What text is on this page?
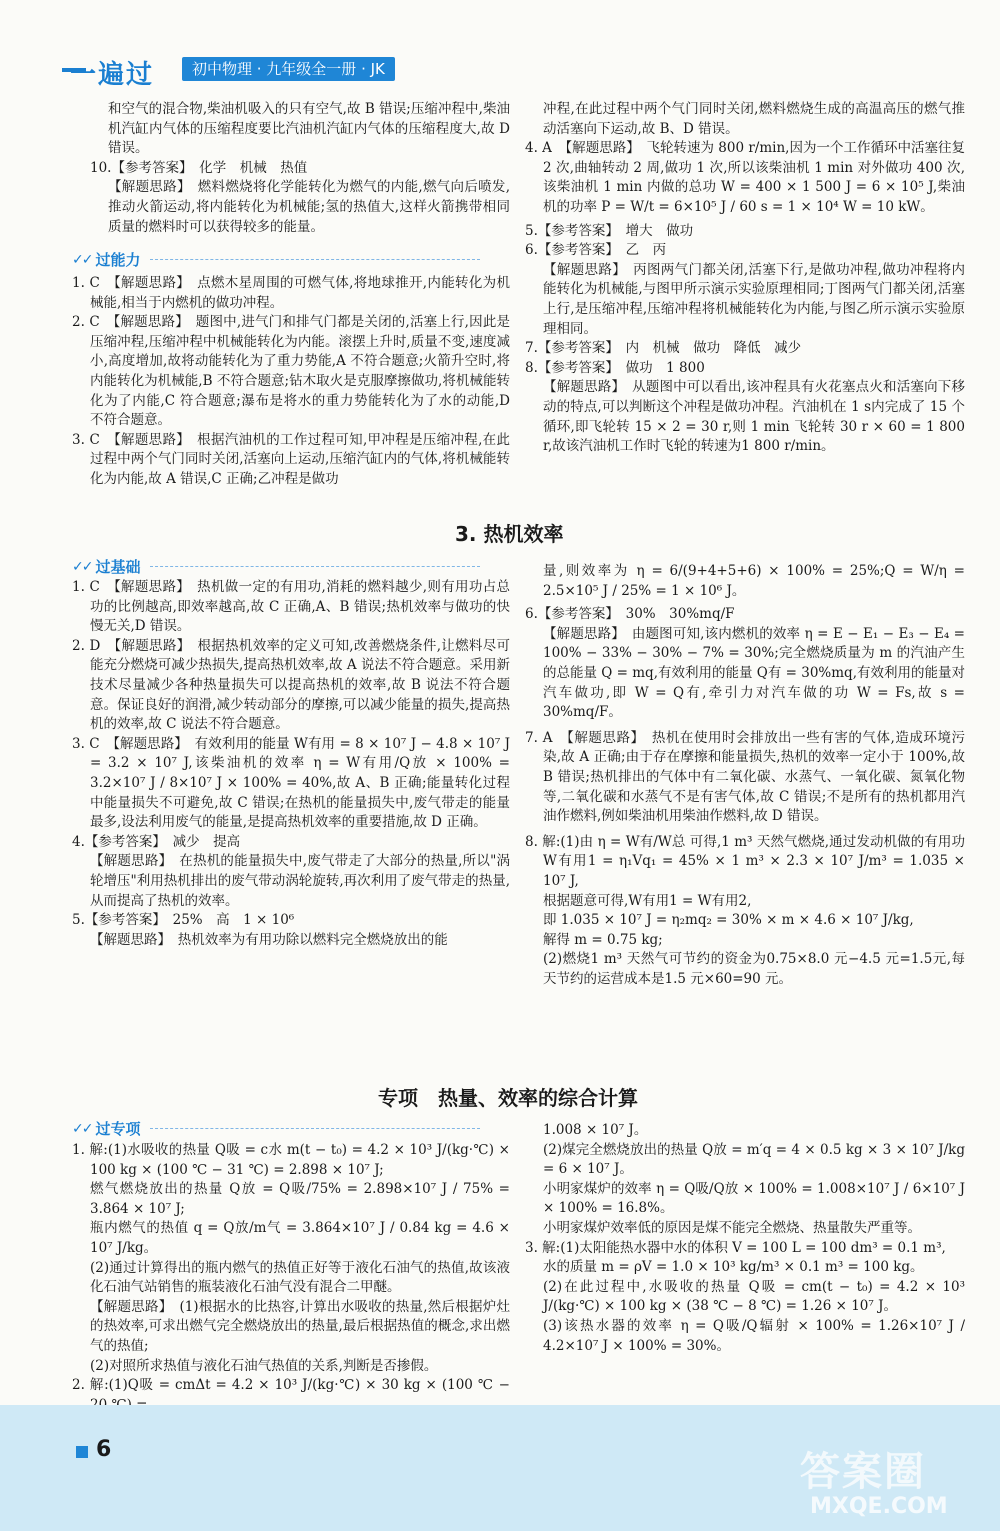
一遍过	初中物理 · 九年级全一册 · JK

和空气的混合物,柴油机吸入的只有空气,故 B 错误;压缩冲程中,柴油机汽缸内气体的压缩程度要比汽油机汽缸内气体的压缩程度大,故 D 错误。

10.【参考答案】　化学　机械　热值

【解题思路】　燃料燃烧将化学能转化为燃气的内能,燃气向后喷发,推动火箭运动,将内能转化为机械能;氢的热值大,这样火箭携带相同质量的燃料时可以获得较多的能量。

✓✓ 过能力

1. C　【解题思路】　点燃木星周围的可燃气体,将地球推开,内能转化为机械能,相当于内燃机的做功冲程。

2. C　【解题思路】　题图中,进气门和排气门都是关闭的,活塞上行,因此是压缩冲程,压缩冲程中机械能转化为内能。滚摆上升时,质量不变,速度减小,高度增加,故将动能转化为了重力势能,A 不符合题意;火箭升空时,将内能转化为机械能,B 不符合题意;钻木取火是克服摩擦做功,将机械能转化为了内能,C 符合题意;瀑布是将水的重力势能转化为了水的动能,D 不符合题意。

3. C　【解题思路】　根据汽油机的工作过程可知,甲冲程是压缩冲程,在此过程中两个气门同时关闭,活塞向上运动,压缩汽缸内的气体,将机械能转化为内能,故 A 错误,C 正确;乙冲程是做功

冲程,在此过程中两个气门同时关闭,燃料燃烧生成的高温高压的燃气推动活塞向下运动,故 B、D 错误。

4. A　【解题思路】　飞轮转速为 800 r/min,因为一个工作循环中活塞往复 2 次,曲轴转动 2 周,做功 1 次,所以该柴油机 1 min 对外做功 400 次,该柴油机 1 min 内做的总功 W = 400 × 1 500 J = 6 × 10⁵ J,柴油机的功率 P = W/t = 6×10⁵ J / 60 s = 1 × 10⁴ W = 10 kW。

5.【参考答案】　增大　做功

6.【参考答案】　乙　丙

【解题思路】　丙图两气门都关闭,活塞下行,是做功冲程,做功冲程将内能转化为机械能,与图甲所示演示实验原理相同;丁图两气门都关闭,活塞上行,是压缩冲程,压缩冲程将机械能转化为内能,与图乙所示演示实验原理相同。

7.【参考答案】　内　机械　做功　降低　减少

8.【参考答案】　做功　1 800

【解题思路】　从题图中可以看出,该冲程具有火花塞点火和活塞向下移动的特点,可以判断这个冲程是做功冲程。汽油机在 1 s内完成了 15 个循环,即飞轮转 15 × 2 = 30 r,则 1 min 飞轮转 30 r × 60 = 1 800 r,故该汽油机工作时飞轮的转速为1 800 r/min。

3. 热机效率
✓✓ 过基础

1. C　【解题思路】　热机做一定的有用功,消耗的燃料越少,则有用功占总功的比例越高,即效率越高,故 C 正确,A、B 错误;热机效率与做功的快慢无关,D 错误。

2. D　【解题思路】　根据热机效率的定义可知,改善燃烧条件,让燃料尽可能充分燃烧可减少热损失,提高热机效率,故 A 说法不符合题意。采用新技术尽量减少各种热量损失可以提高热机的效率,故 B 说法不符合题意。保证良好的润滑,减少转动部分的摩擦,可以减少能量的损失,提高热机的效率,故 C 说法不符合题意。

3. C　【解题思路】　有效利用的能量 W有用 = 8 × 10⁷ J − 4.8 × 10⁷ J = 3.2 × 10⁷ J,该柴油机的效率 η = W有用/Q放 × 100% = 3.2×10⁷ J / 8×10⁷ J × 100% = 40%,故 A、B 正确;能量转化过程中能量损失不可避免,故 C 错误;在热机的能量损失中,废气带走的能量最多,设法利用废气的能量,是提高热机效率的重要措施,故 D 正确。

4.【参考答案】　减少　提高

【解题思路】　在热机的能量损失中,废气带走了大部分的热量,所以"涡轮增压"利用热机排出的废气带动涡轮旋转,再次利用了废气带走的热量,从而提高了热机的效率。

5.【参考答案】　25%　高　1 × 10⁶

【解题思路】　热机效率为有用功除以燃料完全燃烧放出的能

量,则效率为 η = 6/(9+4+5+6) × 100% = 25%;Q = W/η = 2.5×10⁵ J / 25% = 1 × 10⁶ J。

6.【参考答案】　30%　30%mq/F

【解题思路】　由题图可知,该内燃机的效率 η = E − E₁ − E₃ − E₄ = 100% − 33% − 30% − 7% = 30%;完全燃烧质量为 m 的汽油产生的总能量 Q = mq,有效利用的能量 Q有 = 30%mq,有效利用的能量对汽车做功,即 W = Q有,牵引力对汽车做的功 W = Fs,故 s = 30%mq/F。

7. A　【解题思路】　热机在使用时会排放出一些有害的气体,造成环境污染,故 A 正确;由于存在摩擦和能量损失,热机的效率一定小于 100%,故 B 错误;热机排出的气体中有二氧化碳、水蒸气、一氧化碳、氮氧化物等,二氧化碳和水蒸气不是有害气体,故 C 错误;不是所有的热机都用汽油作燃料,例如柴油机用柴油作燃料,故 D 错误。

8. 解:(1)由 η = W有/W总 可得,1 m³ 天然气燃烧,通过发动机做的有用功 W有用1 = η₁Vq₁ = 45% × 1 m³ × 2.3 × 10⁷ J/m³ = 1.035 × 10⁷ J,

根据题意可得,W有用1 = W有用2,

即 1.035 × 10⁷ J = η₂mq₂ = 30% × m × 4.6 × 10⁷ J/kg,

解得 m = 0.75 kg;

(2)燃烧1 m³ 天然气可节约的资金为0.75×8.0 元−4.5 元=1.5元,每天节约的运营成本是1.5 元×60=90 元。

专项　热量、效率的综合计算
✓✓ 过专项

1. 解:(1)水吸收的热量 Q吸 = c水 m(t − t₀) = 4.2 × 10³ J/(kg·℃) × 100 kg × (100 ℃ − 31 ℃) = 2.898 × 10⁷ J;

燃气燃烧放出的热量 Q放 = Q吸/75% = 2.898×10⁷ J / 75% = 3.864 × 10⁷ J;

瓶内燃气的热值 q = Q放/m气 = 3.864×10⁷ J / 0.84 kg = 4.6 × 10⁷ J/kg。

(2)通过计算得出的瓶内燃气的热值正好等于液化石油气的热值,故该液化石油气站销售的瓶装液化石油气没有混合二甲醚。

【解题思路】　(1)根据水的比热容,计算出水吸收的热量,然后根据炉灶的热效率,可求出燃气完全燃烧放出的热量,最后根据热值的概念,求出燃气的热值;

(2)对照所求热值与液化石油气热值的关系,判断是否掺假。

2. 解:(1)Q吸 = cmΔt = 4.2 × 10³ J/(kg·℃) × 30 kg × (100 ℃ −

1.008 × 10⁷ J。

(2)煤完全燃烧放出的热量 Q放 = m′q = 4 × 0.5 kg × 3 × 10⁷ J/kg = 6 × 10⁷ J。

小明家煤炉的效率 η = Q吸/Q放 × 100% = 1.008×10⁷ J / 6×10⁷ J × 100% = 16.8%。

小明家煤炉效率低的原因是煤不能完全燃烧、热量散失严重等。

3. 解:(1)太阳能热水器中水的体积 V = 100 L = 100 dm³ = 0.1 m³,

水的质量 m = ρV = 1.0 × 10³ kg/m³ × 0.1 m³ = 100 kg。

(2)在此过程中,水吸收的热量 Q吸 = cm(t − t₀) = 4.2 × 10³ J/(kg·℃) × 100 kg × (38 ℃ − 8 ℃) = 1.26 × 10⁷ J。

(3)该热水器的效率 η = Q吸/Q辐射 × 100% = 1.26×10⁷ J / 4.2×10⁷ J × 100% = 30%。

6	答案圈
MXQE.COM
